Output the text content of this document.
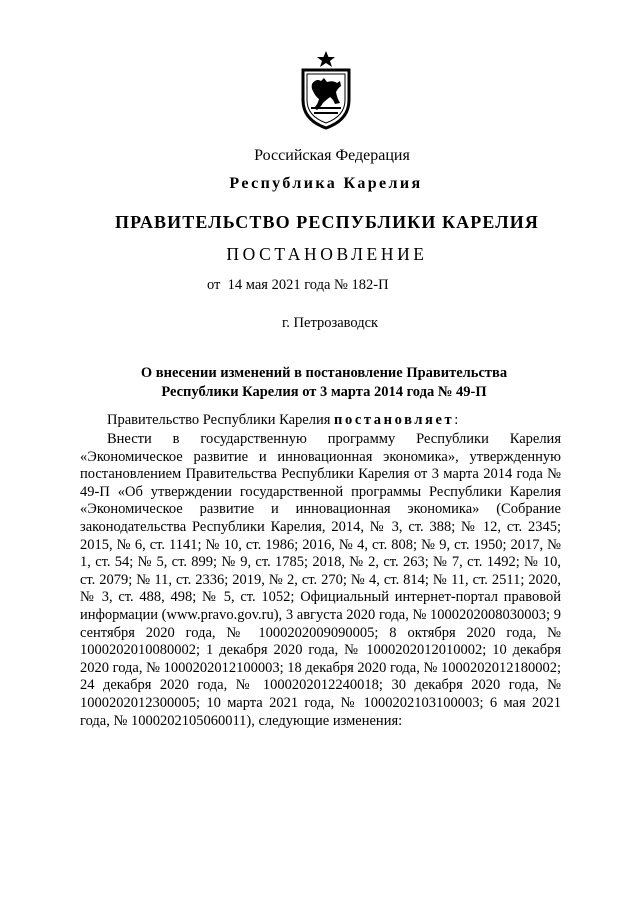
Российская Федерация
Республика Карелия
ПРАВИТЕЛЬСТВО РЕСПУБЛИКИ КАРЕЛИЯ
ПОСТАНОВЛЕНИЕ
от  14 мая 2021 года № 182-П
г. Петрозаводск
О внесении изменений в постановление Правительства
Республики Карелия от 3 марта 2014 года № 49-П
Правительство Республики Карелия постановляет:
Внести в государственную программу Республики Карелия «Экономическое развитие и инновационная экономика», утвержденную постановлением Правительства Республики Карелия от 3 марта 2014 года № 49-П «Об утверждении государственной программы Республики Карелия «Экономическое развитие и инновационная экономика» (Собрание законодательства Республики Карелия, 2014, № 3, ст. 388; № 12, ст. 2345; 2015, № 6, ст. 1141; № 10, ст. 1986; 2016, № 4, ст. 808; № 9, ст. 1950; 2017, № 1, ст. 54; № 5, ст. 899; № 9, ст. 1785; 2018, № 2, ст. 263; № 7, ст. 1492; № 10, ст. 2079; № 11, ст. 2336; 2019, № 2, ст. 270; № 4, ст. 814; № 11, ст. 2511; 2020, № 3, ст. 488, 498; № 5, ст. 1052; Официальный интернет-портал правовой информации (www.pravo.gov.ru), 3 августа 2020 года, № 1000202008030003; 9 сентября 2020 года, № 1000202009090005; 8 октября 2020 года, № 1000202010080002; 1 декабря 2020 года, № 1000202012010002; 10 декабря 2020 года, № 1000202012100003; 18 декабря 2020 года, № 1000202012180002; 24 декабря 2020 года, № 1000202012240018; 30 декабря 2020 года, № 1000202012300005; 10 марта 2021 года, № 1000202103100003; 6 мая 2021 года, № 1000202105060011), следующие изменения:
